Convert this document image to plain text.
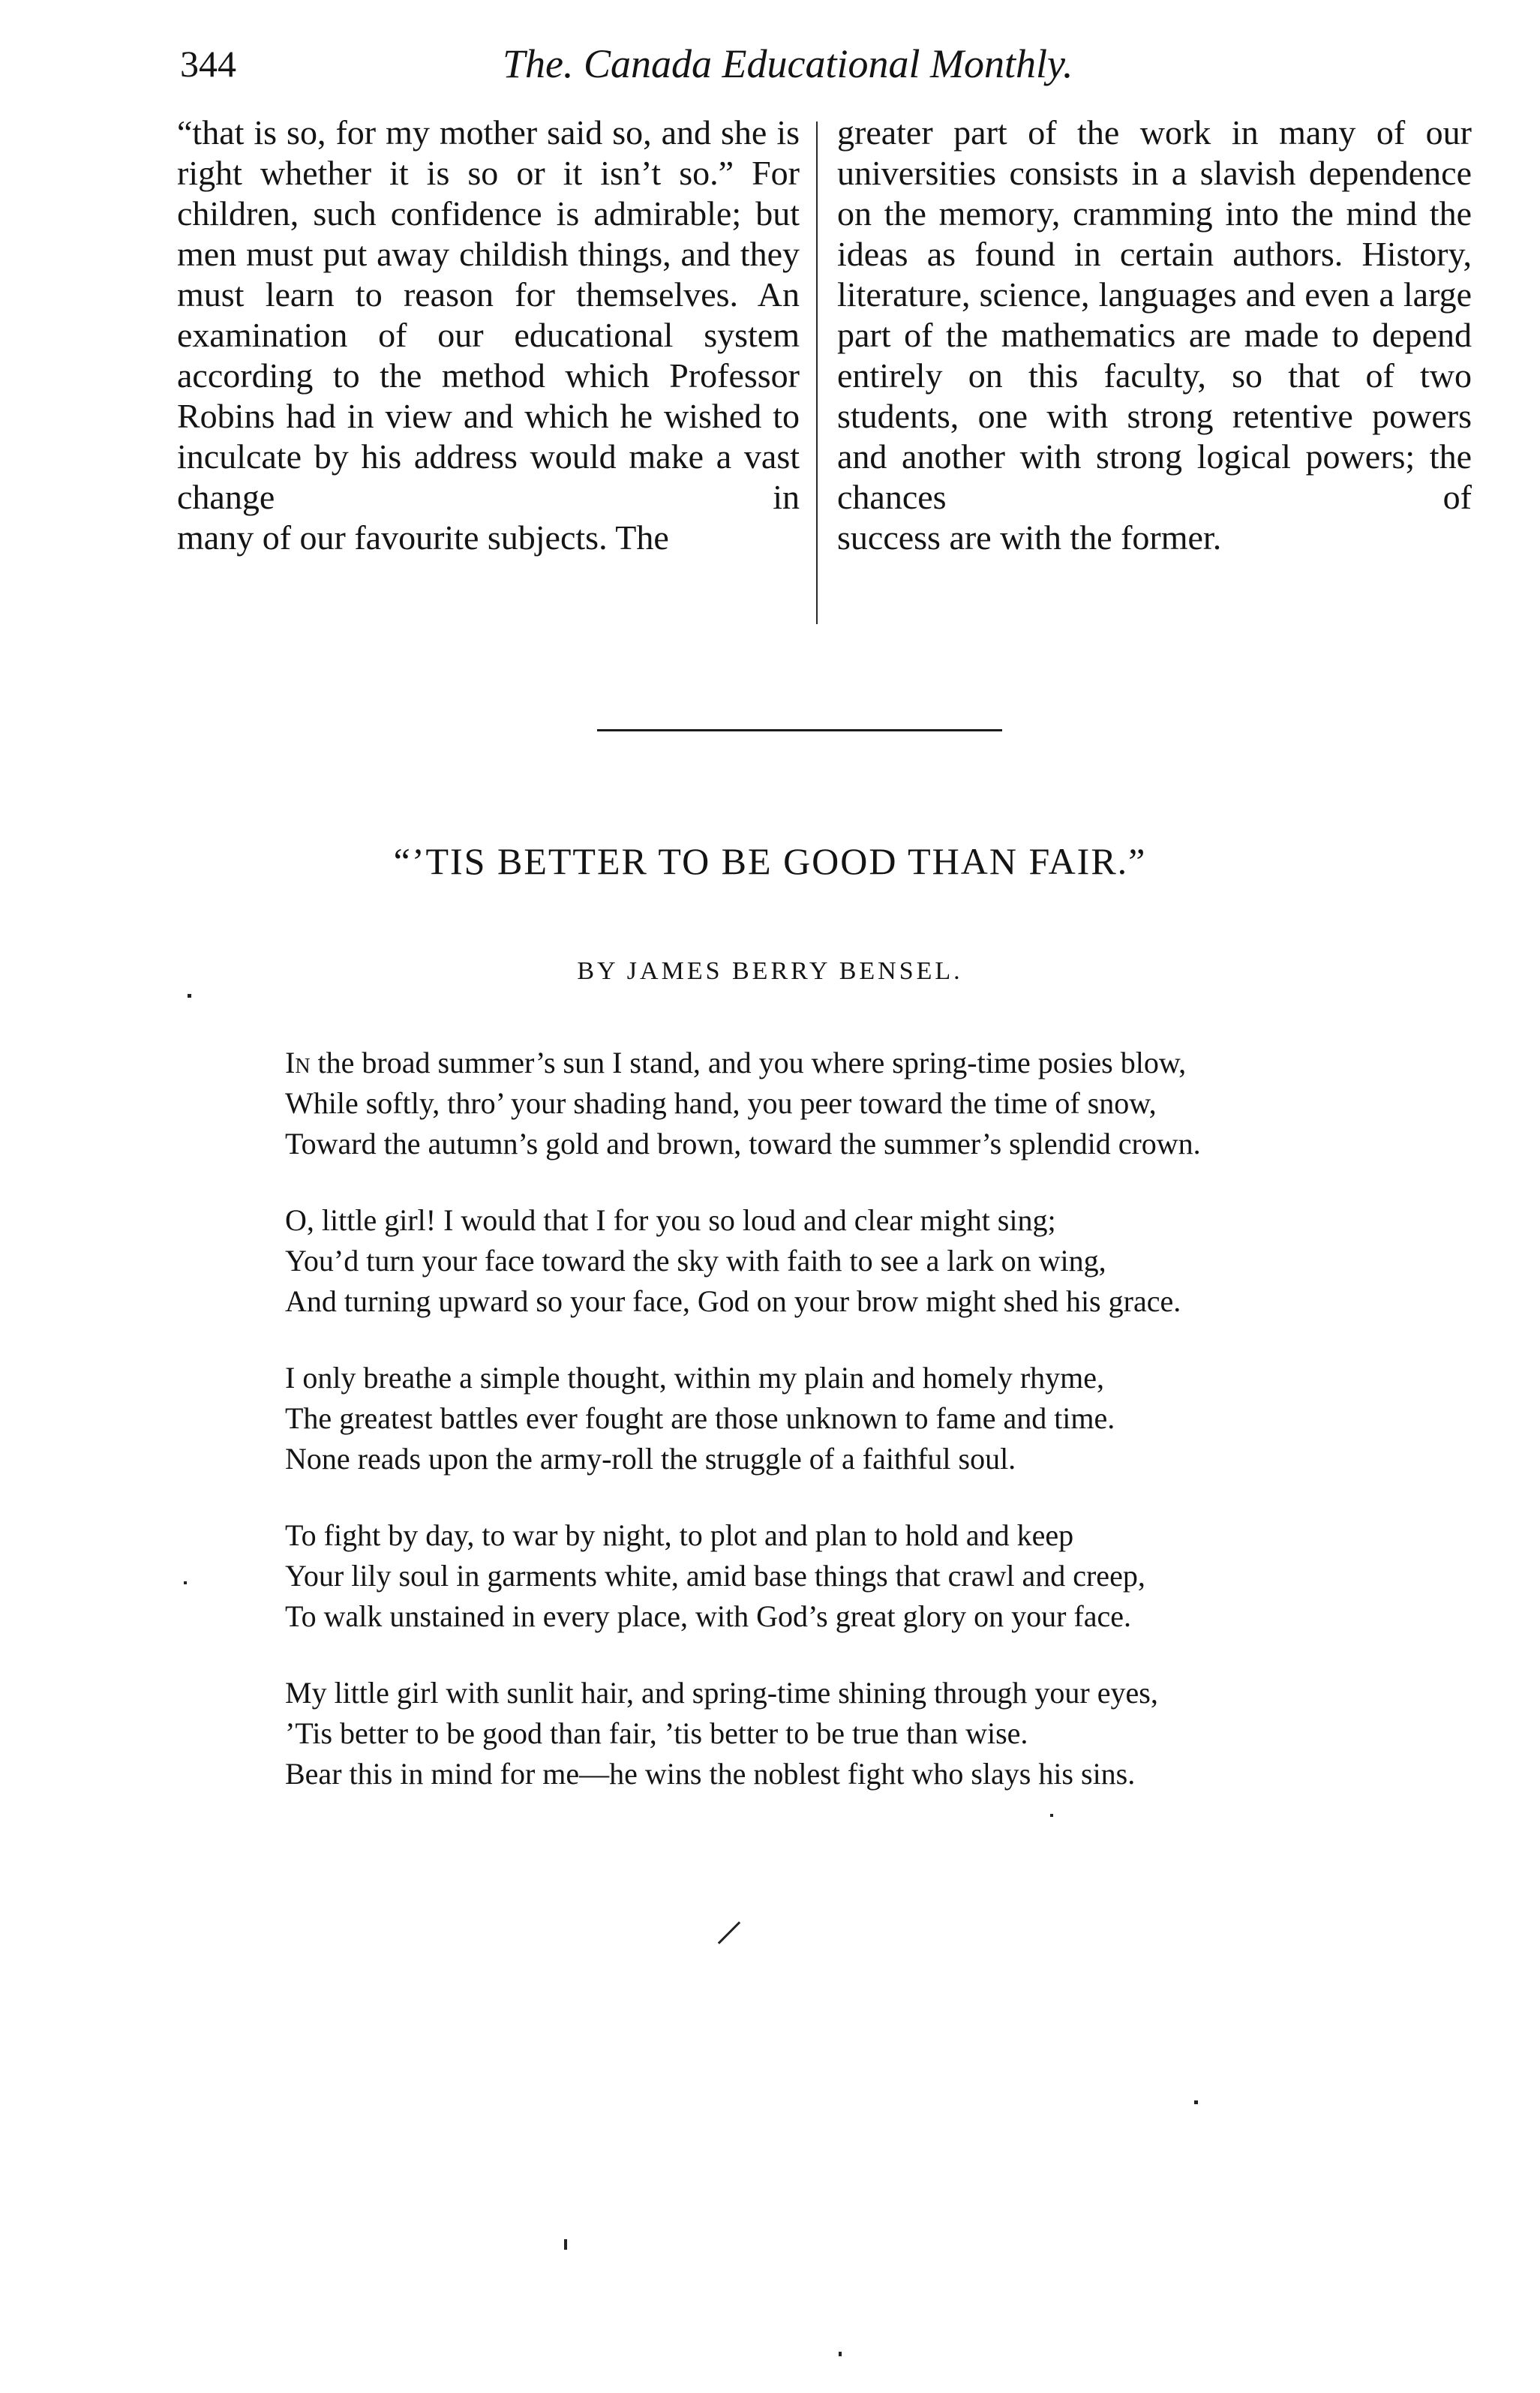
344	The. Canada Educational Monthly.

“that is so, for my mother said so, and she is right whether it is so or it isn’t so.” For children, such confidence is admirable; but men must put away childish things, and they must learn to reason for themselves. An examination of our educational system according to the method which Professor Robins had in view and which he wished to inculcate by his address would make a vast change in

many of our favourite subjects. The

greater part of the work in many of our universities consists in a slavish dependence on the memory, cramming into the mind the ideas as found in certain authors. History, literature, science, languages and even a large part of the mathematics are made to depend entirely on this faculty, so that of two students, one with strong retentive powers and another with strong logical powers; the chances of

success are with the former.

“’TIS BETTER TO BE GOOD THAN FAIR.”
BY JAMES BERRY BENSEL.
In the broad summer’s sun I stand, and you where spring-time posies blow,
While softly, thro’ your shading hand, you peer toward the time of snow,
Toward the autumn’s gold and brown, toward the summer’s splendid crown.
O, little girl! I would that I for you so loud and clear might sing;
You’d turn your face toward the sky with faith to see a lark on wing,
And turning upward so your face, God on your brow might shed his grace.
I only breathe a simple thought, within my plain and homely rhyme,
The greatest battles ever fought are those unknown to fame and time.
None reads upon the army-roll the struggle of a faithful soul.
To fight by day, to war by night, to plot and plan to hold and keep
Your lily soul in garments white, amid base things that crawl and creep,
To walk unstained in every place, with God’s great glory on your face.
My little girl with sunlit hair, and spring-time shining through your eyes,
’Tis better to be good than fair, ’tis better to be true than wise.
Bear this in mind for me—he wins the noblest fight who slays his sins.
